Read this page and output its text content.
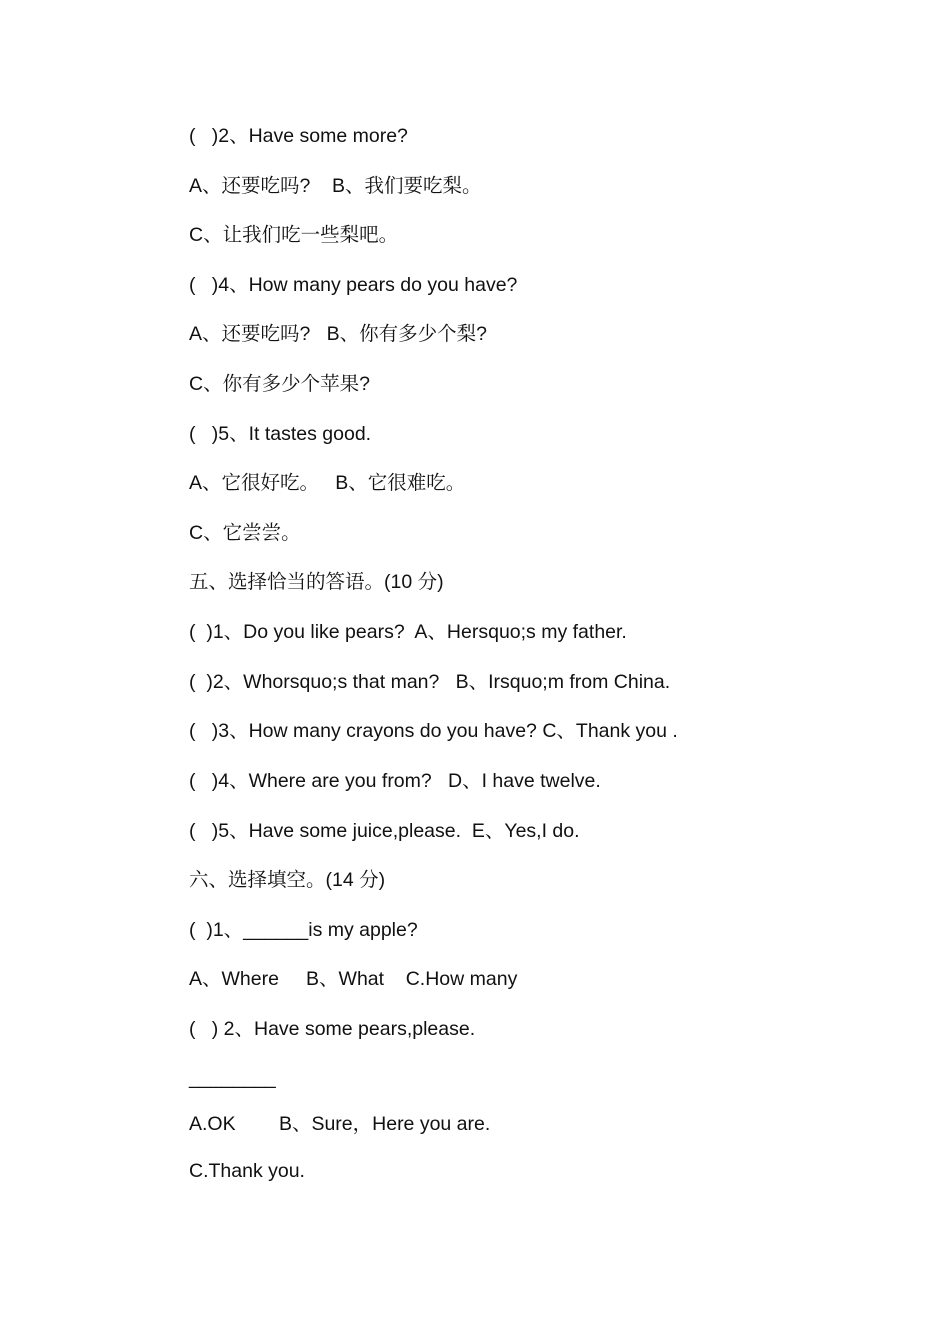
(   )2、Have some more?
A、还要吃吗?    B、我们要吃梨。
C、让我们吃一些梨吧。
(   )4、How many pears do you have?
A、还要吃吗?   B、你有多少个梨?
C、你有多少个苹果?
(   )5、It tastes good.
A、它很好吃。   B、它很难吃。
C、它尝尝。
五、选择恰当的答语。(10 分)
(  )1、Do you like pears?  A、Hersquo;s my father.
(  )2、Whorsquo;s that man?   B、Irsquo;m from China.
(   )3、How many crayons do you have? C、Thank you .
(   )4、Where are you from?   D、I have twelve.
(   )5、Have some juice,please.  E、Yes,I do.
六、选择填空。(14 分)
(  )1、______is my apple?
A、Where     B、What    C.How many
(   ) 2、Have some pears,please.
________
A.OK        B、Sure，Here you are.
C.Thank you.
